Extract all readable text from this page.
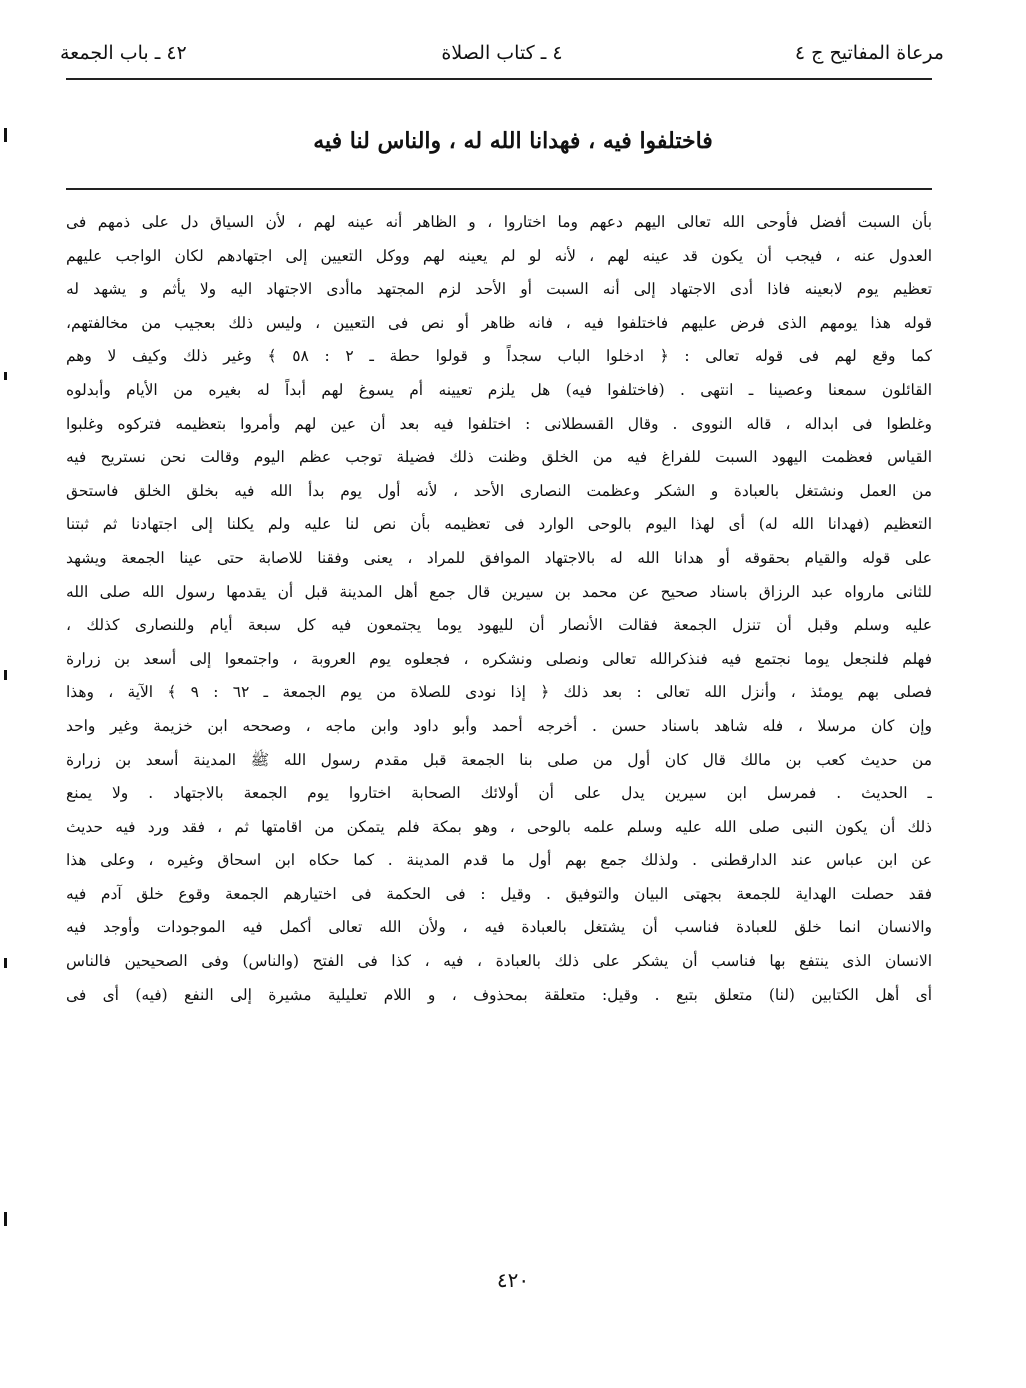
مرعاة المفاتيح ج ٤
٤ ـ كتاب الصلاة
٤٢ ـ باب الجمعة
فاختلفوا فيه ، فهدانا الله له ، والناس لنا فيه
بأن السبت أفضل فأوحى الله تعالى اليهم دعهم وما اختاروا ، و الظاهر أنه عينه لهم ، لأن السياق دل على ذمهم فى
العدول عنه ، فيجب أن يكون قد عينه لهم ، لأنه لو لم يعينه لهم ووكل التعيين إلى اجتهادهم لكان الواجب عليهم
تعظيم يوم لابعينه فاذا أدى الاجتهاد إلى أنه السبت أو الأحد لزم المجتهد ماأدى الاجتهاد اليه ولا يأثم و يشهد له
قوله هذا يومهم الذى فرض عليهم فاختلفوا فيه ، فانه ظاهر أو نص فى التعيين ، وليس ذلك بعجيب من مخالفتهم،
كما وقع لهم فى قوله تعالى : ﴿ ادخلوا الباب سجداً و قولوا حطة ـ ٢ : ٥٨ ﴾ وغير ذلك وكيف لا وهم
القائلون سمعنا وعصينا ـ انتهى . (فاختلفوا فيه) هل يلزم تعيينه أم يسوغ لهم أبداً له بغيره من الأيام وأبدلوه
وغلطوا فى ابداله ، قاله النووى . وقال القسطلانى : اختلفوا فيه بعد أن عين لهم وأمروا بتعظيمه فتركوه وغلبوا
القياس فعظمت اليهود السبت للفراغ فيه من الخلق وظنت ذلك فضيلة توجب عظم اليوم وقالت نحن نستريح فيه
من العمل ونشتغل بالعبادة و الشكر وعظمت النصارى الأحد ، لأنه أول يوم بدأ الله فيه بخلق الخلق فاستحق
التعظيم (فهدانا الله له) أى لهذا اليوم بالوحى الوارد فى تعظيمه بأن نص لنا عليه ولم يكلنا إلى اجتهادنا ثم ثبتنا
على قوله والقيام بحقوقه أو هدانا الله له بالاجتهاد الموافق للمراد ، يعنى وفقنا للاصابة حتى عينا الجمعة ويشهد
للثانى مارواه عبد الرزاق باسناد صحيح عن محمد بن سيرين قال جمع أهل المدينة قبل أن يقدمها رسول الله صلى الله
عليه وسلم وقبل أن تنزل الجمعة فقالت الأنصار أن لليهود يوما يجتمعون فيه كل سبعة أيام وللنصارى كذلك ،
فهلم فلنجعل يوما نجتمع فيه فنذكرالله تعالى ونصلى ونشكره ، فجعلوه يوم العروبة ، واجتمعوا إلى أسعد بن زرارة
فصلى بهم يومئذ ، وأنزل الله تعالى : بعد ذلك ﴿ إذا نودى للصلاة من يوم الجمعة ـ ٦٢ : ٩ ﴾ الآية ، وهذا
وإن كان مرسلا ، فله شاهد باسناد حسن . أخرجه أحمد وأبو داود وابن ماجه ، وصححه ابن خزيمة وغير واحد
من حديث كعب بن مالك قال كان أول من صلى بنا الجمعة قبل مقدم رسول الله ﷺ المدينة أسعد بن زرارة
ـ الحديث . فمرسل ابن سيرين يدل على أن أولائك الصحابة اختاروا يوم الجمعة بالاجتهاد . ولا يمنع
ذلك أن يكون النبى صلى الله عليه وسلم علمه بالوحى ، وهو بمكة فلم يتمكن من اقامتها ثم ، فقد ورد فيه حديث
عن ابن عباس عند الدارقطنى . ولذلك جمع بهم أول ما قدم المدينة . كما حكاه ابن اسحاق وغيره ، وعلى هذا
فقد حصلت الهداية للجمعة بجهتى البيان والتوفيق . وقيل : فى الحكمة فى اختيارهم الجمعة وقوع خلق آدم فيه
والانسان انما خلق للعبادة فناسب أن يشتغل بالعبادة فيه ، ولأن الله تعالى أكمل فيه الموجودات وأوجد فيه
الانسان الذى ينتفع بها فناسب أن يشكر على ذلك بالعبادة ، فيه ، كذا فى الفتح (والناس) وفى الصحيحين فالناس
أى أهل الكتابين (لنا) متعلق بتبع . وقيل: متعلقة بمحذوف ، و اللام تعليلية مشيرة إلى النفع (فيه) أى فى
٤٢٠
